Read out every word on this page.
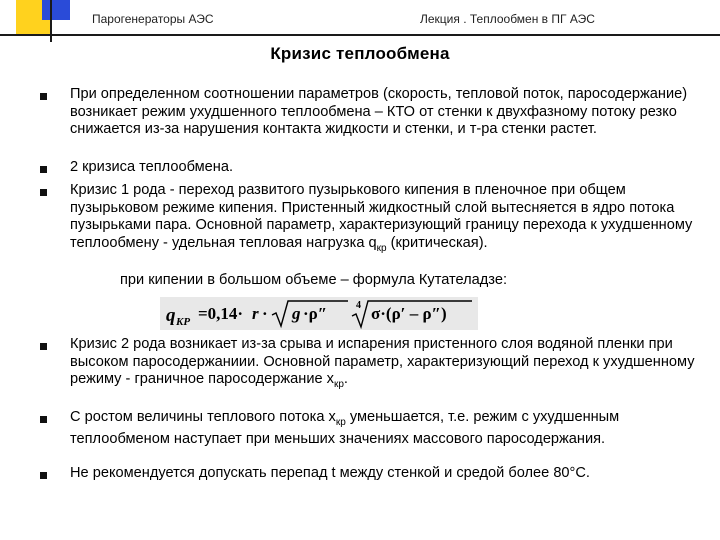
Парогенераторы АЭС	Лекция . Теплообмен в ПГ АЭС
Кризис теплообмена
При определенном соотношении параметров (скорость, тепловой поток, паросодержание) возникает режим ухудшенного теплообмена – КТО от стенки к двухфазному потоку резко снижается из-за нарушения контакта жидкости и стенки, и т-ра стенки растет.
2 кризиса теплообмена.
Кризис 1 рода - переход развитого пузырькового кипения в пленочное при общем пузырьковом режиме кипения. Пристенный жидкостный слой вытесняется в ядро потока пузырьками пара. Основной параметр, характеризующий границу перехода к ухудшенному теплообмену - удельная тепловая нагрузка $q_{кр}$ (критическая).
при кипении в большом объеме – формула Кутателадзе:
q KP =0,14· r · g ·ρ″	4 σ·(ρ′ – ρ″)
Кризис 2 рода возникает из-за срыва и испарения пристенного слоя водяной пленки при высоком паросодержаниии. Основной параметр, характеризующий переход к ухудшенному режиму - граничное паросодержание $х_{кр}$.
С ростом величины теплового потока $х_{кр}$ уменьшается, т.е. режим с ухудшенным теплообменом наступает при меньших значениях массового паросодержания.
Не рекомендуется допускать перепад t между стенкой и средой более 80°С.
